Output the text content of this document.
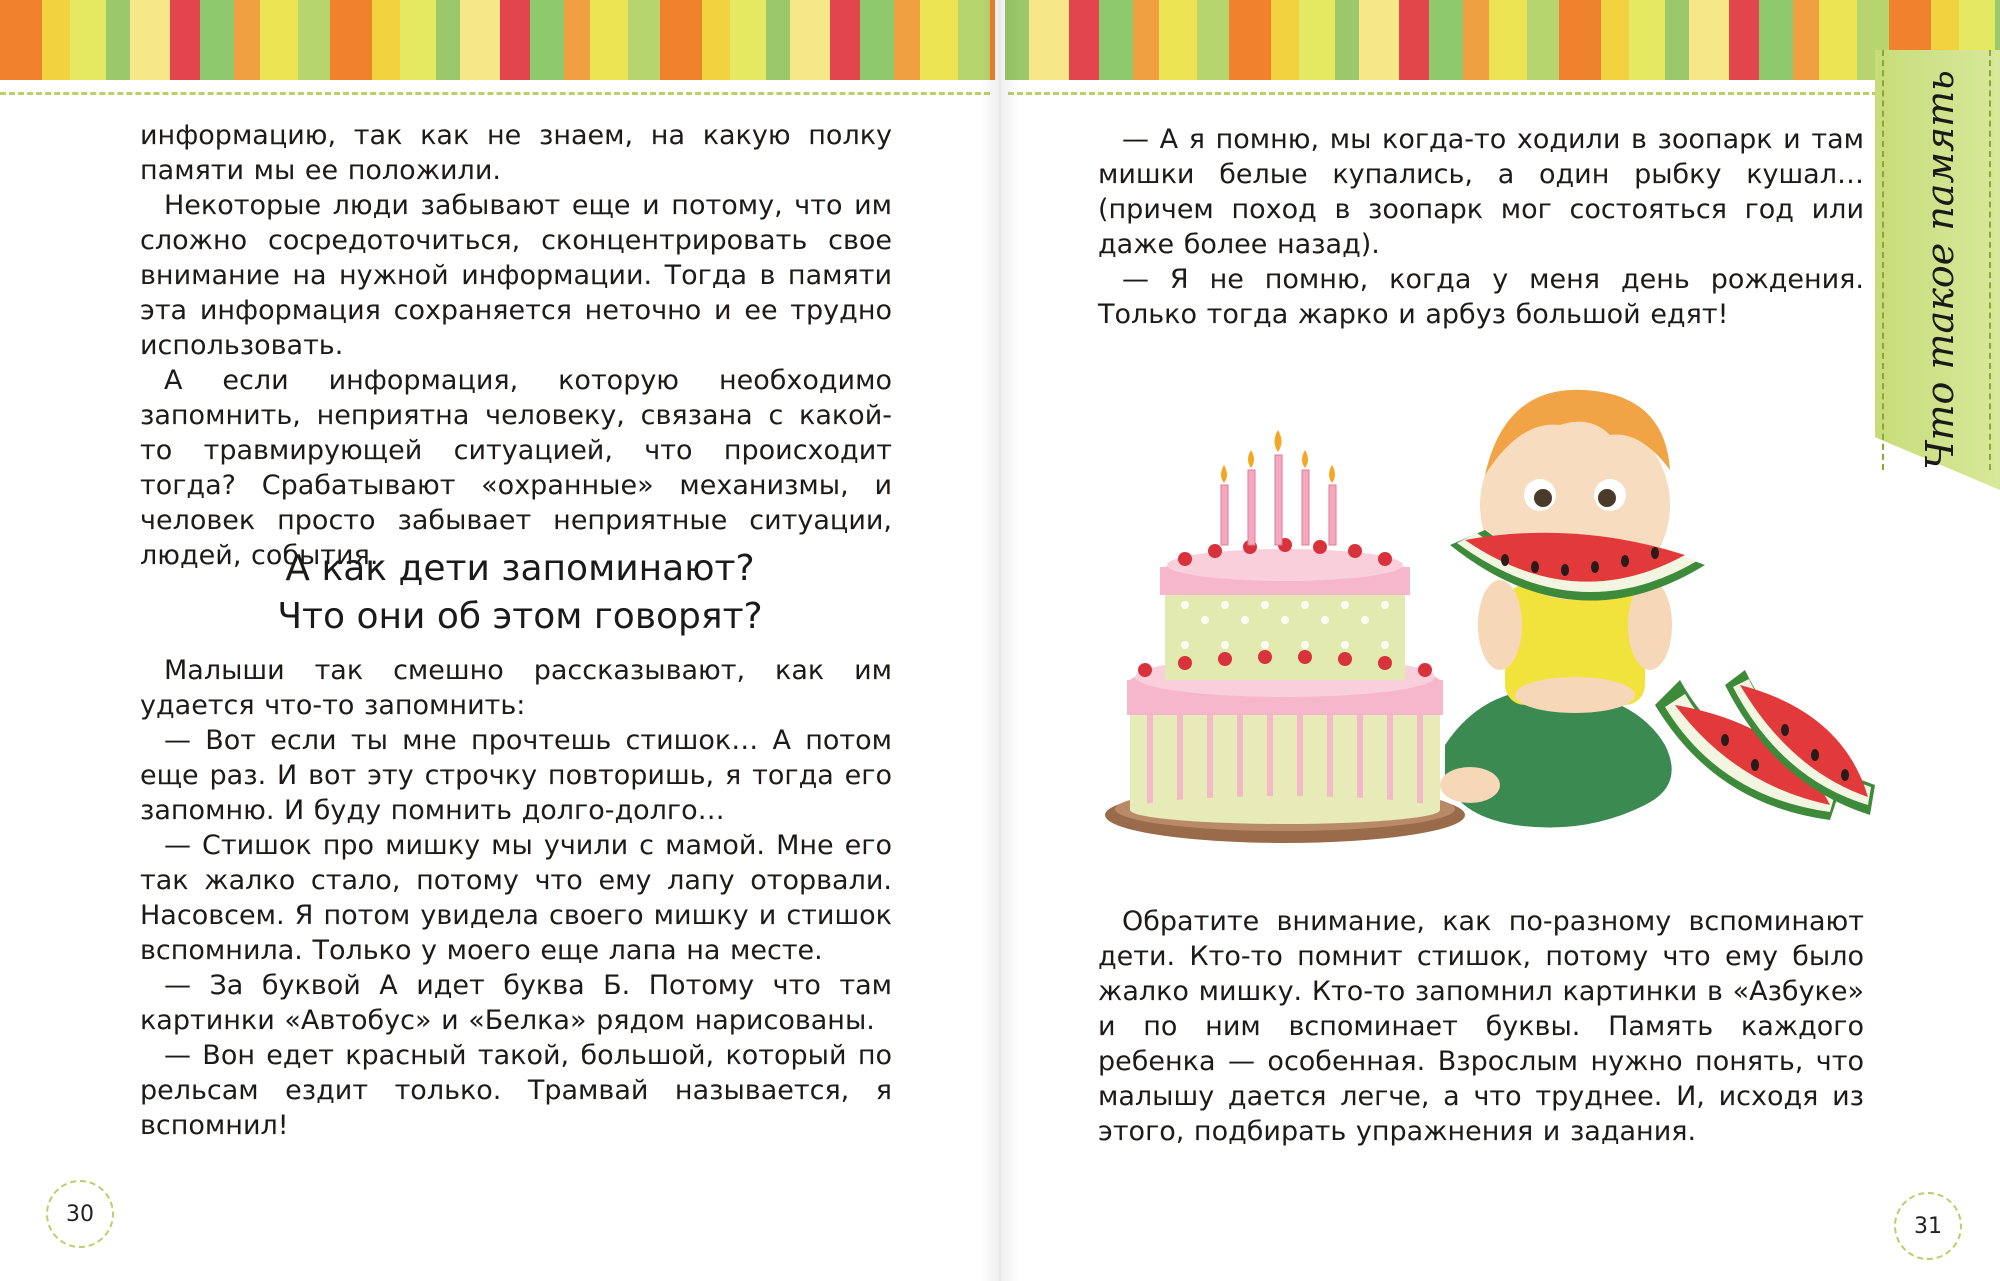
Что такое память

информацию, так как не знаем, на какую полку памяти мы ее положили.

Некоторые люди забывают еще и потому, что им сложно сосредоточиться, сконцентрировать свое внимание на нужной информации. Тогда в памяти эта информация сохраняется неточно и ее трудно использовать.

А если информация, которую необходимо запомнить, неприятна человеку, связана с какой-то травмирующей ситуацией, что происходит тогда? Срабатывают «охранные» механизмы, и человек просто забывает неприятные ситуации, людей, события.

А как дети запоминают?
Что они об этом говорят?

Малыши так смешно рассказывают, как им удается что-то запомнить:

— Вот если ты мне прочтешь стишок… А потом еще раз. И вот эту строчку повторишь, я тогда его запомню. И буду помнить долго-долго…

— Стишок про мишку мы учили с мамой. Мне его так жалко стало, потому что ему лапу оторвали. Насовсем. Я потом увидела своего мишку и стишок вспомнила. Только у моего еще лапа на месте.

— За буквой А идет буква Б. Потому что там картинки «Автобус» и «Белка» рядом нарисованы.

— Вон едет красный такой, большой, который по рельсам ездит только. Трамвай называется, я вспомнил!

30

— А я помню, мы когда-то ходили в зоопарк и там мишки белые купались, а один рыбку кушал… (причем поход в зоопарк мог состояться год или даже более назад).

— Я не помню, когда у меня день рождения. Только тогда жарко и арбуз большой едят!

Обратите внимание, как по-разному вспоминают дети. Кто-то помнит стишок, потому что ему было жалко мишку. Кто-то запомнил картинки в «Азбуке» и по ним вспоминает буквы. Память каждого ребенка — особенная. Взрослым нужно понять, что малышу дается легче, а что труднее. И, исходя из этого, подбирать упражнения и задания.

31
